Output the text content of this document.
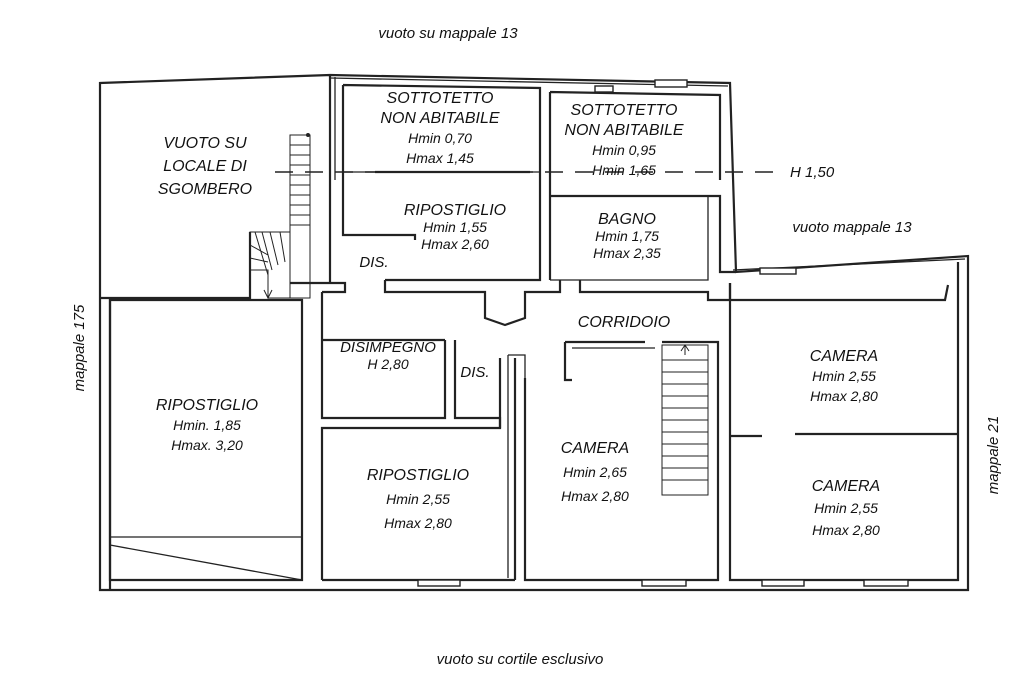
vuoto su mappale 13
vuoto mappale 13
vuoto su cortile esclusivo
mappale 175
mappale 21
H 1,50
VUOTO SU
LOCALE DI
SGOMBERO
SOTTOTETTO
NON ABITABILE
Hmin 0,70
Hmax 1,45
SOTTOTETTO
NON ABITABILE
Hmin 0,95
Hmin 1,65
RIPOSTIGLIO
Hmin 1,55
Hmax 2,60
BAGNO
Hmin 1,75
Hmax 2,35
DIS.
CORRIDOIO
DISIMPEGNO
H 2,80	DIS.
RIPOSTIGLIO
Hmin. 1,85
Hmax. 3,20
RIPOSTIGLIO
Hmin 2,55
Hmax 2,80
CAMERA
Hmin 2,65
Hmax 2,80
CAMERA
Hmin 2,55
Hmax 2,80
CAMERA
Hmin 2,55
Hmax 2,80
